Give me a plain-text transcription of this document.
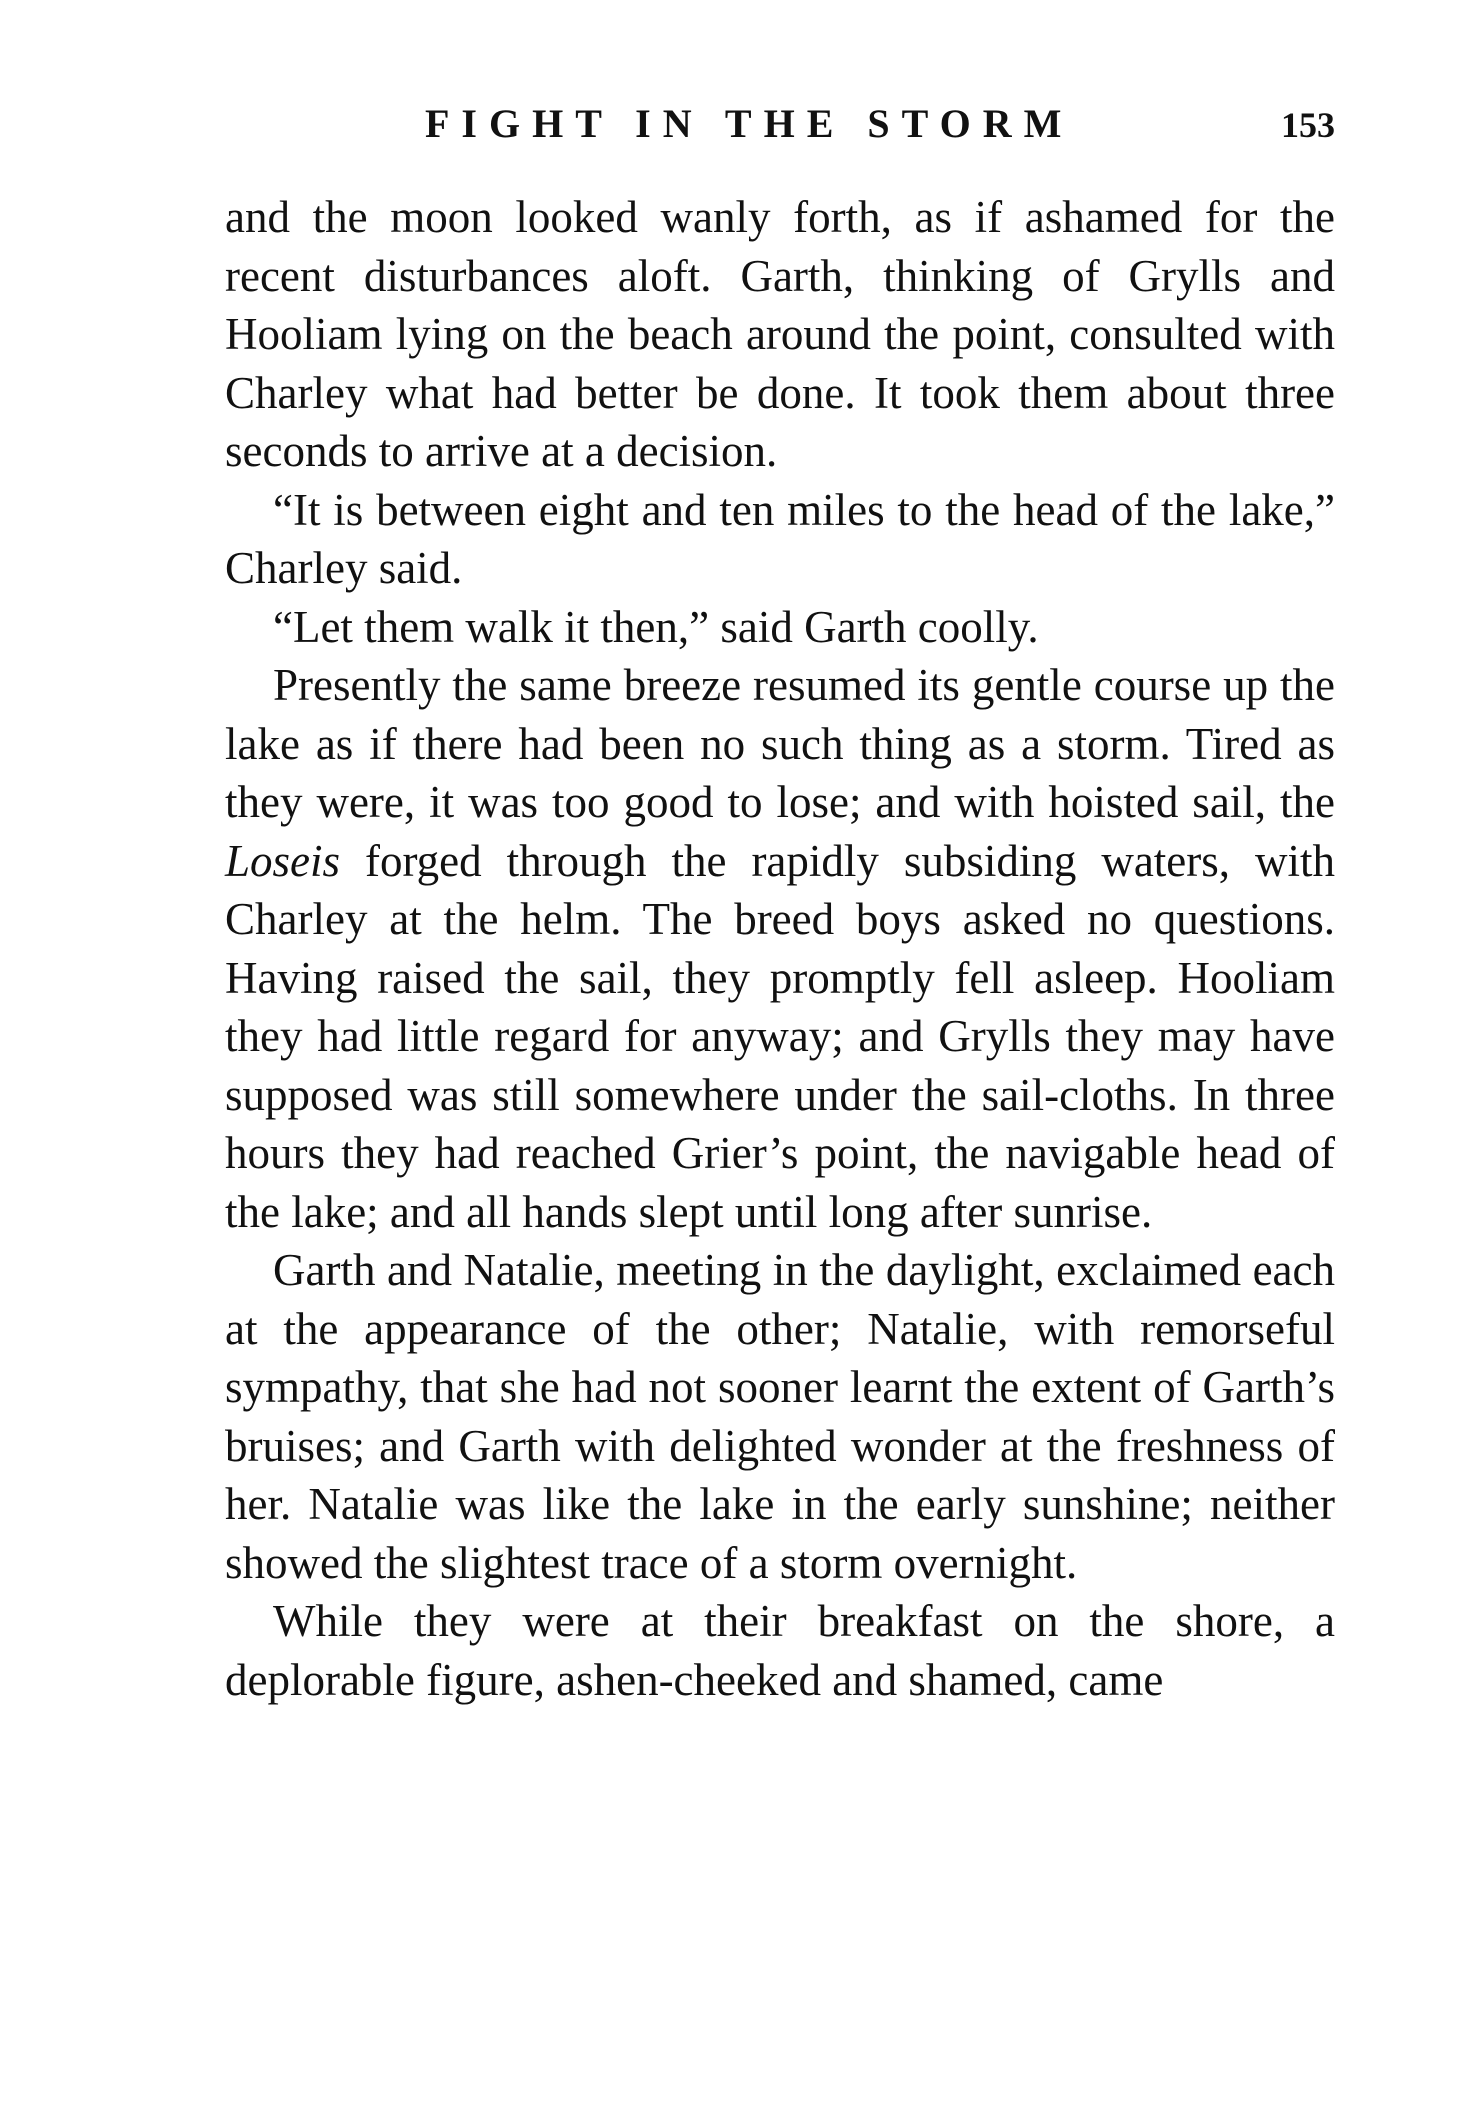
FIGHT IN THE STORM	153

and the moon looked wanly forth, as if ashamed for the recent disturbances aloft. Garth, thinking of Grylls and Hooliam lying on the beach around the point, consulted with Charley what had better be done. It took them about three seconds to arrive at a decision.

“It is between eight and ten miles to the head of the lake,” Charley said.

“Let them walk it then,” said Garth coolly.

Presently the same breeze resumed its gentle course up the lake as if there had been no such thing as a storm. Tired as they were, it was too good to lose; and with hoisted sail, the Loseis forged through the rapidly subsiding waters, with Charley at the helm. The breed boys asked no questions. Having raised the sail, they promptly fell asleep. Hooliam they had little regard for anyway; and Grylls they may have supposed was still somewhere under the sail-cloths. In three hours they had reached Grier’s point, the navigable head of the lake; and all hands slept until long after sunrise.

Garth and Natalie, meeting in the daylight, exclaimed each at the appearance of the other; Natalie, with remorseful sympathy, that she had not sooner learnt the extent of Garth’s bruises; and Garth with delighted wonder at the freshness of her. Natalie was like the lake in the early sunshine; neither showed the slightest trace of a storm overnight.

While they were at their breakfast on the shore, a deplorable figure, ashen-cheeked and shamed, came
